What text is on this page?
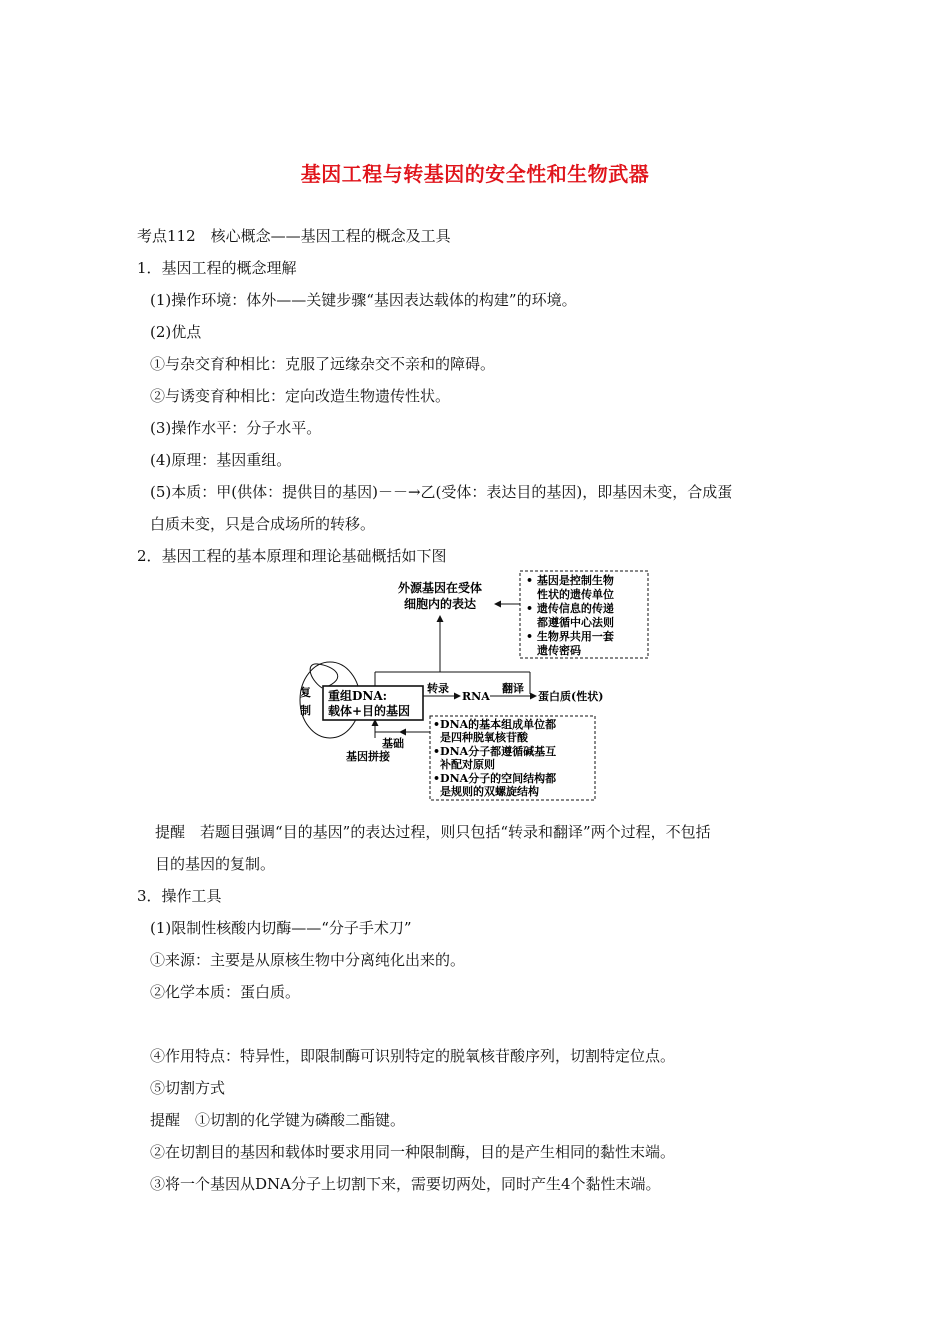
基因工程与转基因的安全性和生物武器
考点112　核心概念——基因工程的概念及工具
1．基因工程的概念理解
(1)操作环境：体外——关键步骤“基因表达载体的构建”的环境。
(2)优点
①与杂交育种相比：克服了远缘杂交不亲和的障碍。
②与诱变育种相比：定向改造生物遗传性状。
(3)操作水平：分子水平。
(4)原理：基因重组。
(5)本质：甲(供体：提供目的基因)－－→乙(受体：表达目的基因)，即基因未变，合成蛋
白质未变，只是合成场所的转移。
2．基因工程的基本原理和理论基础概括如下图
外源基因在受体
细胞内的表达
• 基因是控制生物
　性状的遗传单位
• 遗传信息的传递
　都遵循中心法则
• 生物界共用一套
　遗传密码
复
制
重组DNA:
载体+目的基因
转录
RNA
翻译
蛋白质(性状)
基础
基因拼接
•DNA的基本组成单位都
是四种脱氧核苷酸
•DNA分子都遵循碱基互
补配对原则
•DNA分子的空间结构都
是规则的双螺旋结构
提醒　若题目强调“目的基因”的表达过程，则只包括“转录和翻译”两个过程，不包括
目的基因的复制。
3．操作工具
(1)限制性核酸内切酶——“分子手术刀”
①来源：主要是从原核生物中分离纯化出来的。
②化学本质：蛋白质。
④作用特点：特异性，即限制酶可识别特定的脱氧核苷酸序列，切割特定位点。
⑤切割方式
提醒　①切割的化学键为磷酸二酯键。
②在切割目的基因和载体时要求用同一种限制酶，目的是产生相同的黏性末端。
③将一个基因从DNA分子上切割下来，需要切两处，同时产生4个黏性末端。
